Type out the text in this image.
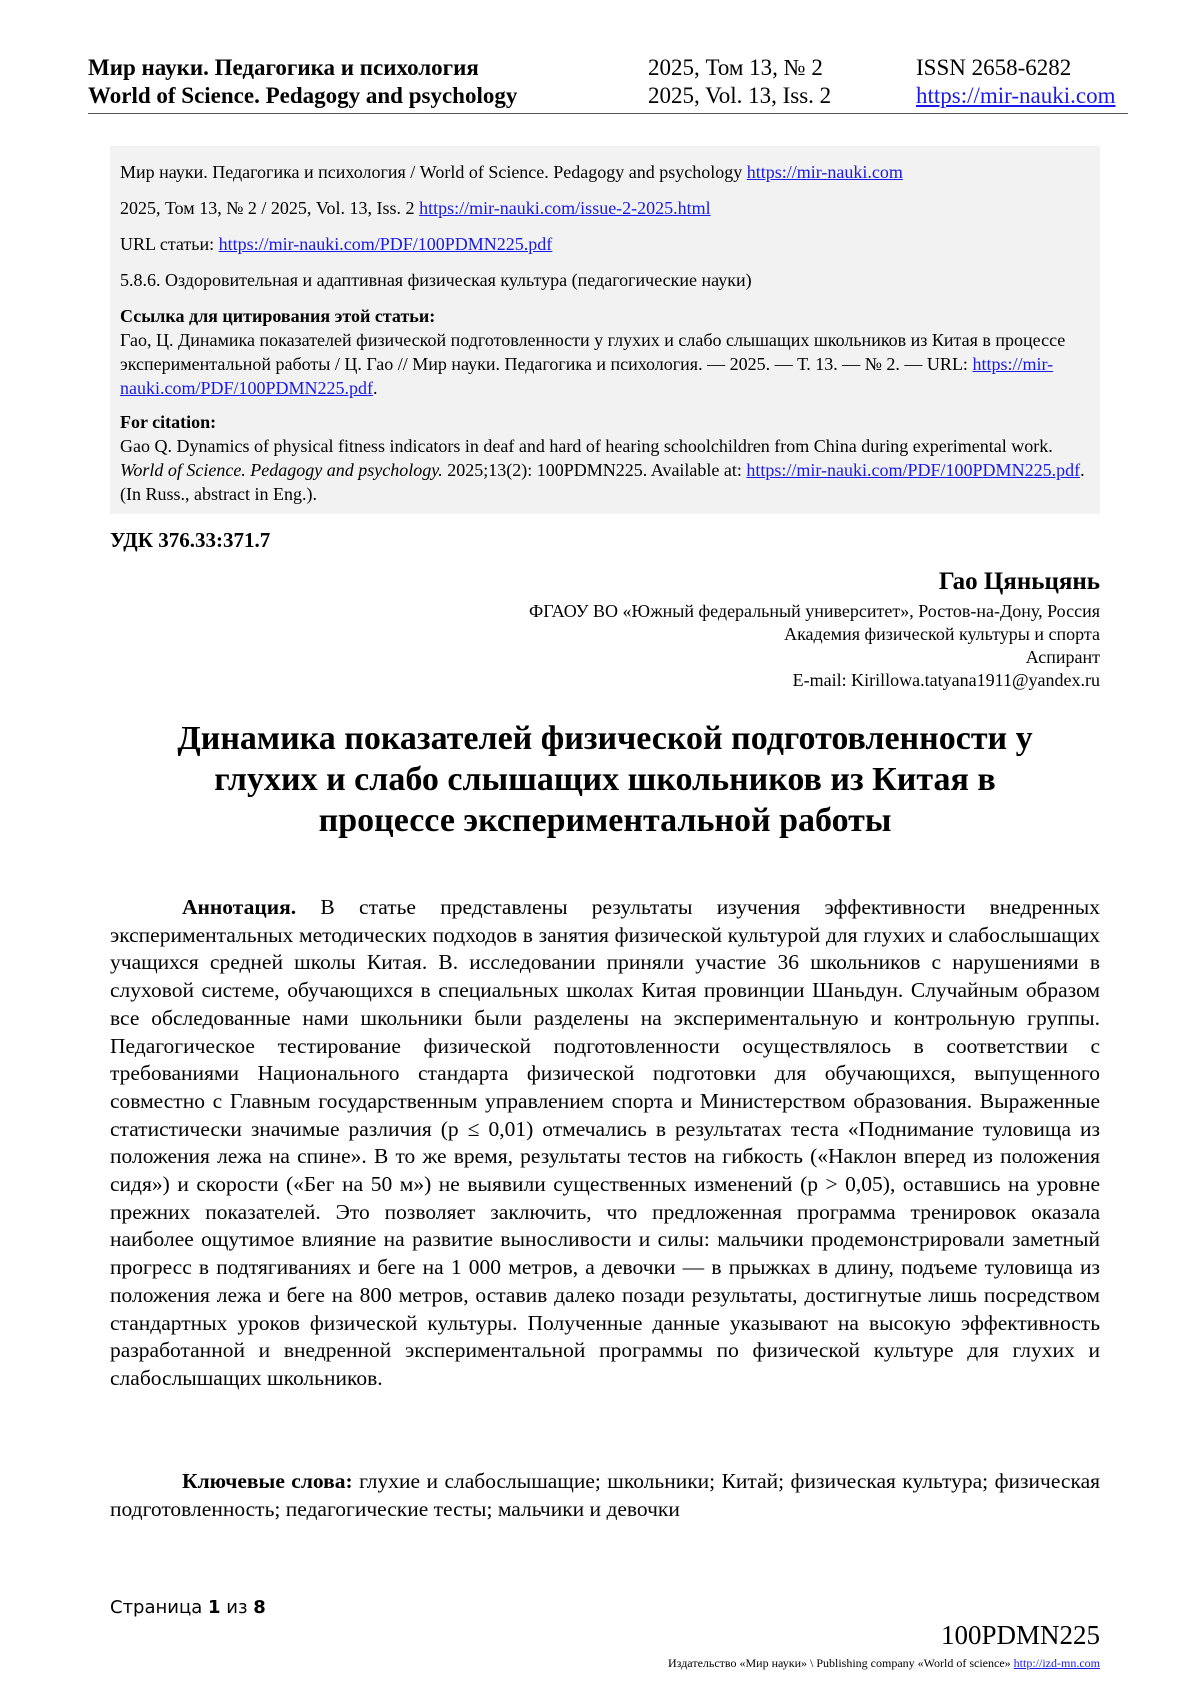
Мир науки. Педагогика и психология
World of Science. Pedagogy and psychology
2025, Том 13, № 2
2025, Vol. 13, Iss. 2
ISSN 2658-6282
https://mir-nauki.com

Мир науки. Педагогика и психология / World of Science. Pedagogy and psychology https://mir-nauki.com

2025, Том 13, № 2 / 2025, Vol. 13, Iss. 2 https://mir-nauki.com/issue-2-2025.html

URL статьи: https://mir-nauki.com/PDF/100PDMN225.pdf

5.8.6. Оздоровительная и адаптивная физическая культура (педагогические науки)

Ссылка для цитирования этой статьи:
Гао, Ц. Динамика показателей физической подготовленности у глухих и слабо слышащих школьников из Китая в процессе экспериментальной работы / Ц. Гао // Мир науки. Педагогика и психология. — 2025. — Т. 13. — № 2. — URL: https://mir-nauki.com/PDF/100PDMN225.pdf.
For citation:
Gao Q. Dynamics of physical fitness indicators in deaf and hard of hearing schoolchildren from China during experimental work. World of Science. Pedagogy and psychology. 2025;13(2): 100PDMN225. Available at: https://mir-nauki.com/PDF/100PDMN225.pdf. (In Russ., abstract in Eng.).
УДК 376.33:371.7
Гао Цяньцянь
ФГАОУ ВО «Южный федеральный университет», Ростов-на-Дону, Россия
Академия физической культуры и спорта
Аспирант
E-mail: Kirillowa.tatyana1911@yandex.ru
Динамика показателей физической подготовленности у глухих и слабо слышащих школьников из Китая в процессе экспериментальной работы
Аннотация. В статье представлены результаты изучения эффективности внедренных экспериментальных методических подходов в занятия физической культурой для глухих и слабослышащих учащихся средней школы Китая. В. исследовании приняли участие 36 школьников с нарушениями в слуховой системе, обучающихся в специальных школах Китая провинции Шаньдун. Случайным образом все обследованные нами школьники были разделены на экспериментальную и контрольную группы. Педагогическое тестирование физической подготовленности осуществлялось в соответствии с требованиями Национального стандарта физической подготовки для обучающихся, выпущенного совместно с Главным государственным управлением спорта и Министерством образования. Выраженные статистически значимые различия (p ≤ 0,01) отмечались в результатах теста «Поднимание туловища из положения лежа на спине». В то же время, результаты тестов на гибкость («Наклон вперед из положения сидя») и скорости («Бег на 50 м») не выявили существенных изменений (p > 0,05), оставшись на уровне прежних показателей. Это позволяет заключить, что предложенная программа тренировок оказала наиболее ощутимое влияние на развитие выносливости и силы: мальчики продемонстрировали заметный прогресс в подтягиваниях и беге на 1 000 метров, а девочки — в прыжках в длину, подъеме туловища из положения лежа и беге на 800 метров, оставив далеко позади результаты, достигнутые лишь посредством стандартных уроков физической культуры. Полученные данные указывают на высокую эффективность разработанной и внедренной экспериментальной программы по физической культуре для глухих и слабослышащих школьников.
Ключевые слова: глухие и слабослышащие; школьники; Китай; физическая культура; физическая подготовленность; педагогические тесты; мальчики и девочки
Страница 1 из 8
100PDMN225
Издательство «Мир науки» \ Publishing company «World of science» http://izd-mn.com
